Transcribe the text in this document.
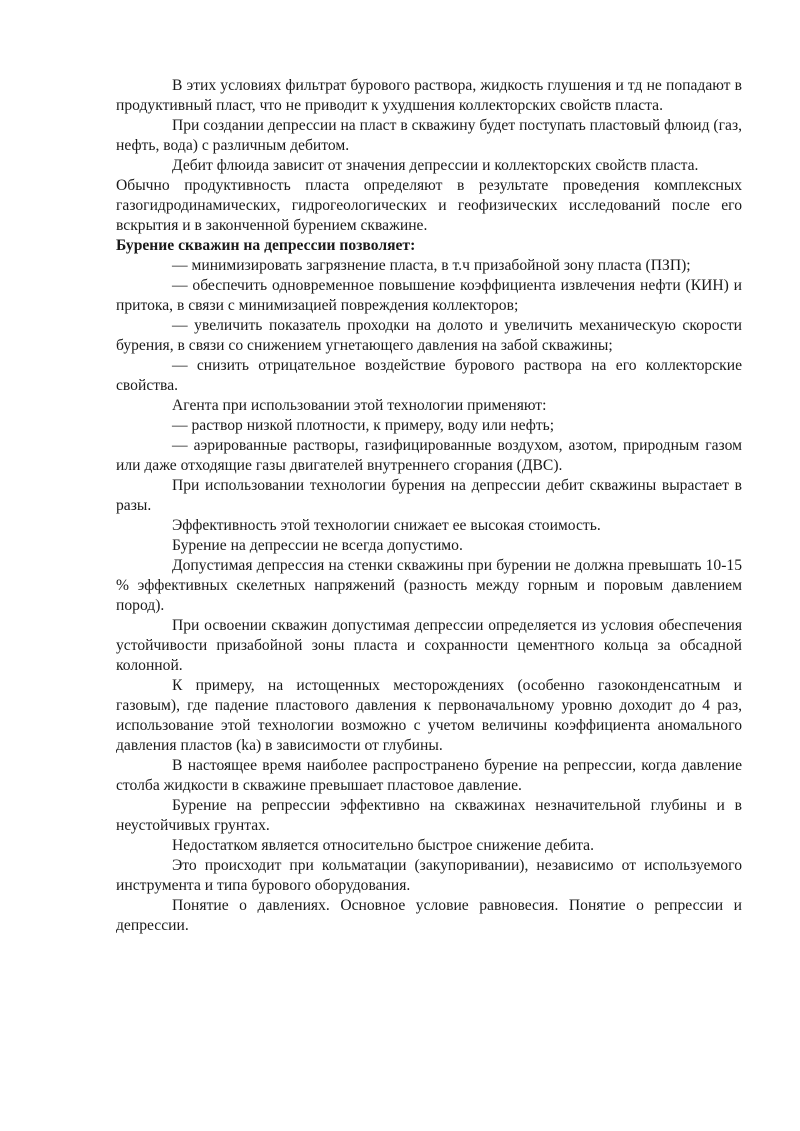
В этих условиях фильтрат бурового раствора, жидкость глушения и тд не попадают в продуктивный пласт, что не приводит к ухудшения коллекторских свойств пласта.

При создании депрессии на пласт в скважину будет поступать пластовый флюид (газ, нефть, вода) с различным дебитом.

Дебит флюида зависит от значения депрессии и коллекторских свойств пласта.

Обычно продуктивность пласта определяют в результате проведения комплексных газогидродинамических, гидрогеологических и геофизических исследований после его вскрытия и в законченной бурением скважине.

Бурение скважин на депрессии позволяет:

— минимизировать загрязнение пласта, в т.ч призабойной зону пласта (ПЗП);

— обеспечить одновременное повышение коэффициента извлечения нефти (КИН) и притока, в связи с минимизацией повреждения коллекторов;

— увеличить показатель проходки на долото и увеличить механическую скорости бурения, в связи со снижением угнетающего давления на забой скважины;

— снизить отрицательное воздействие бурового раствора на его коллекторские свойства.

Агента при использовании этой технологии применяют:

— раствор низкой плотности, к примеру, воду или нефть;

— аэрированные растворы, газифицированные воздухом, азотом, природным газом или даже отходящие газы двигателей внутреннего сгорания (ДВС).

При использовании технологии бурения на депрессии дебит скважины вырастает в разы.

Эффективность этой технологии снижает ее высокая стоимость.

Бурение на депрессии не всегда допустимо.

Допустимая депрессия на стенки скважины при бурении не должна превышать 10-15 % эффективных скелетных напряжений (разность между горным и поровым давлением пород).

При освоении скважин допустимая депрессии определяется из условия обеспечения устойчивости призабойной зоны пласта и сохранности цементного кольца за обсадной колонной.

К примеру, на истощенных месторождениях (особенно газоконденсатным и газовым), где падение пластового давления к первоначальному уровню доходит до 4 раз, использование этой технологии возможно с учетом величины коэффициента аномального давления пластов (ka) в зависимости от глубины.

В настоящее время наиболее распространено бурение на репрессии, когда давление столба жидкости в скважине превышает пластовое давление.

Бурение на репрессии эффективно на скважинах незначительной глубины и в неустойчивых грунтах.

Недостатком является относительно быстрое снижение дебита.

Это происходит при кольматации (закупоривании), независимо от используемого инструмента и типа бурового оборудования.

Понятие о давлениях. Основное условие равновесия. Понятие о репрессии и депрессии.
